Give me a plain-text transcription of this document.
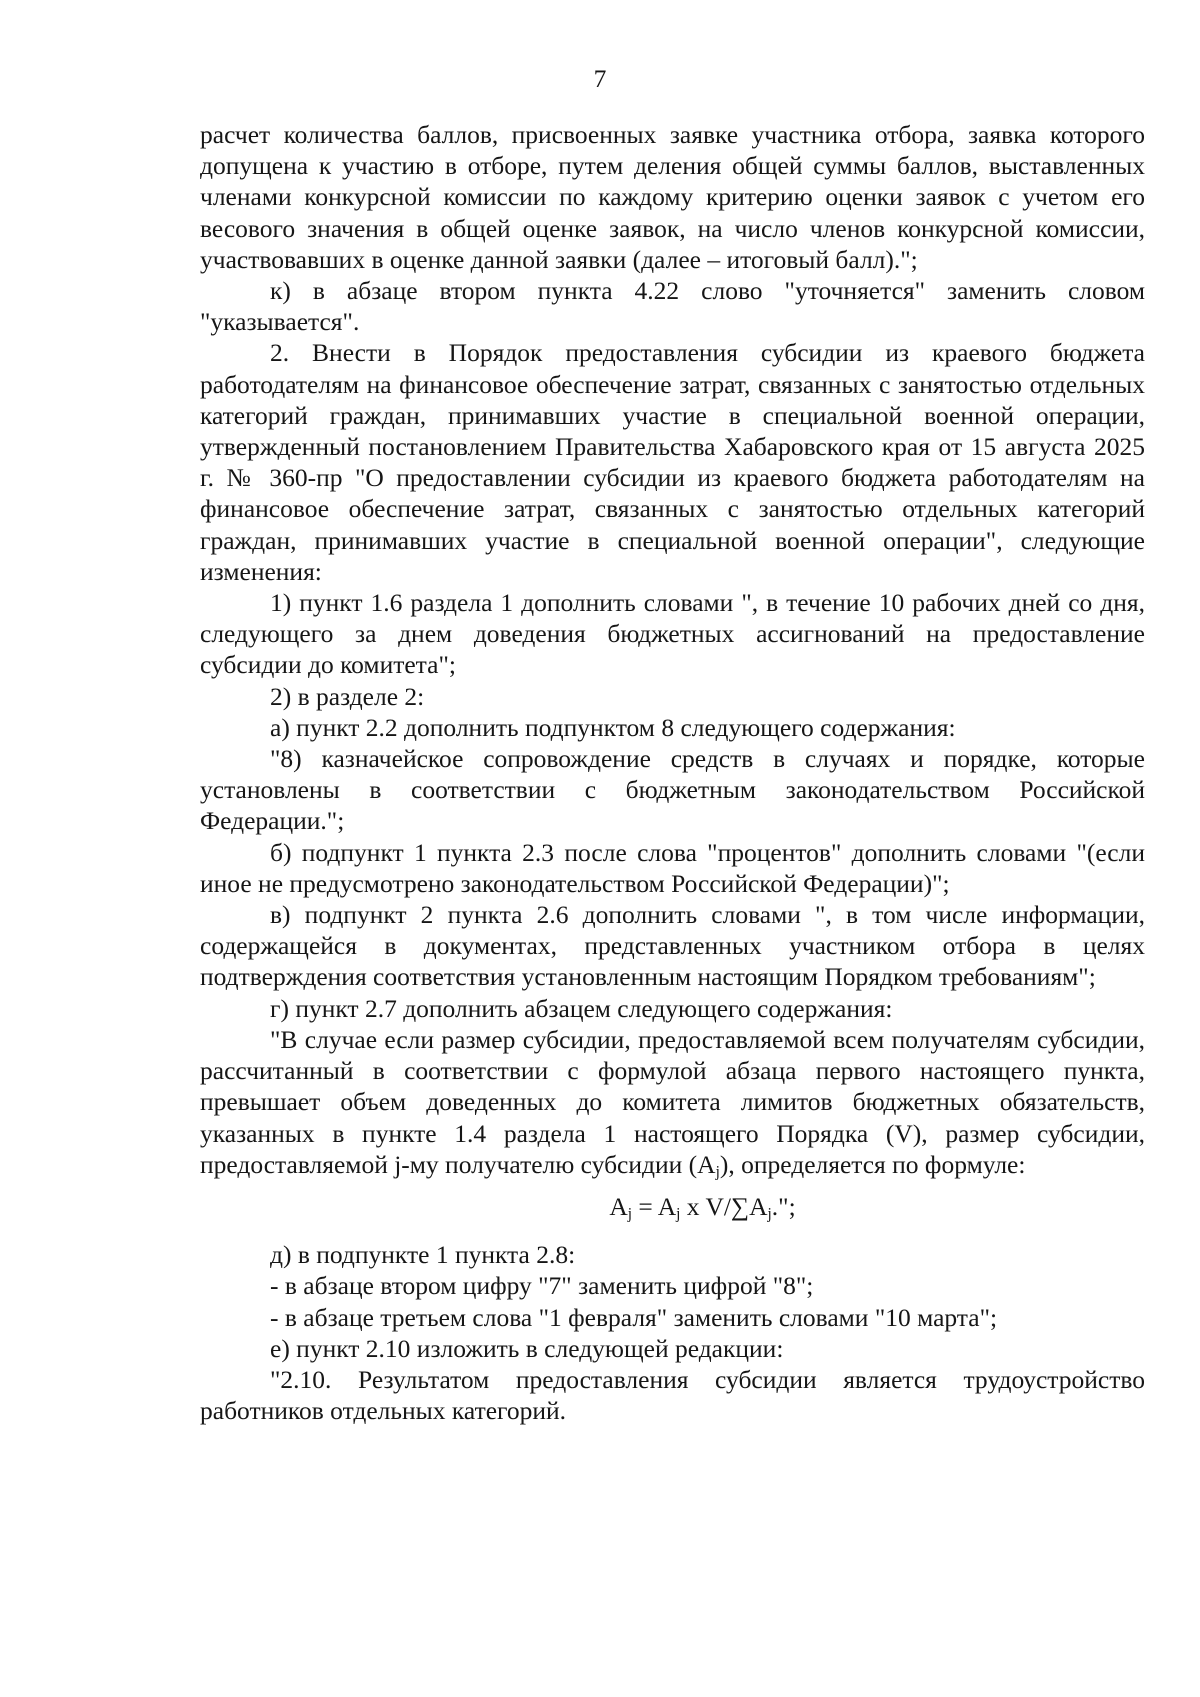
7

расчет количества баллов, присвоенных заявке участника отбора, заявка которого допущена к участию в отборе, путем деления общей суммы баллов, выставленных членами конкурсной комиссии по каждому критерию оценки заявок с учетом его весового значения в общей оценке заявок, на число членов конкурсной комиссии, участвовавших в оценке данной заявки (далее – итоговый балл).";

к) в абзаце втором пункта 4.22 слово "уточняется" заменить словом "указывается".

2. Внести в Порядок предоставления субсидии из краевого бюджета работодателям на финансовое обеспечение затрат, связанных с занятостью отдельных категорий граждан, принимавших участие в специальной военной операции, утвержденный постановлением Правительства Хабаровского края от 15 августа 2025 г. № 360-пр "О предоставлении субсидии из краевого бюджета работодателям на финансовое обеспечение затрат, связанных с занятостью отдельных категорий граждан, принимавших участие в специальной военной операции", следующие изменения:

1) пункт 1.6 раздела 1 дополнить словами ", в течение 10 рабочих дней со дня, следующего за днем доведения бюджетных ассигнований на предоставление субсидии до комитета";

2) в разделе 2:

а) пункт 2.2 дополнить подпунктом 8 следующего содержания:

"8) казначейское сопровождение средств в случаях и порядке, которые установлены в соответствии с бюджетным законодательством Российской Федерации.";

б) подпункт 1 пункта 2.3 после слова "процентов" дополнить словами "(если иное не предусмотрено законодательством Российской Федерации)";

в) подпункт 2 пункта 2.6 дополнить словами ", в том числе информации, содержащейся в документах, представленных участником отбора в целях подтверждения соответствия установленным настоящим Порядком требованиям";

г) пункт 2.7 дополнить абзацем следующего содержания:

"В случае если размер субсидии, предоставляемой всем получателям субсидии, рассчитанный в соответствии с формулой абзаца первого настоящего пункта, превышает объем доведенных до комитета лимитов бюджетных обязательств, указанных в пункте 1.4 раздела 1 настоящего Порядка (V), размер субсидии, предоставляемой j-му получателю субсидии $(A_j)$, определяется по формуле:

$A_j = A_j$ x $V/\sum A_j$.";

д) в подпункте 1 пункта 2.8:

- в абзаце втором цифру "7" заменить цифрой "8";

- в абзаце третьем слова "1 февраля" заменить словами "10 марта";

е) пункт 2.10 изложить в следующей редакции:

"2.10. Результатом предоставления субсидии является трудоустройство работников отдельных категорий.
